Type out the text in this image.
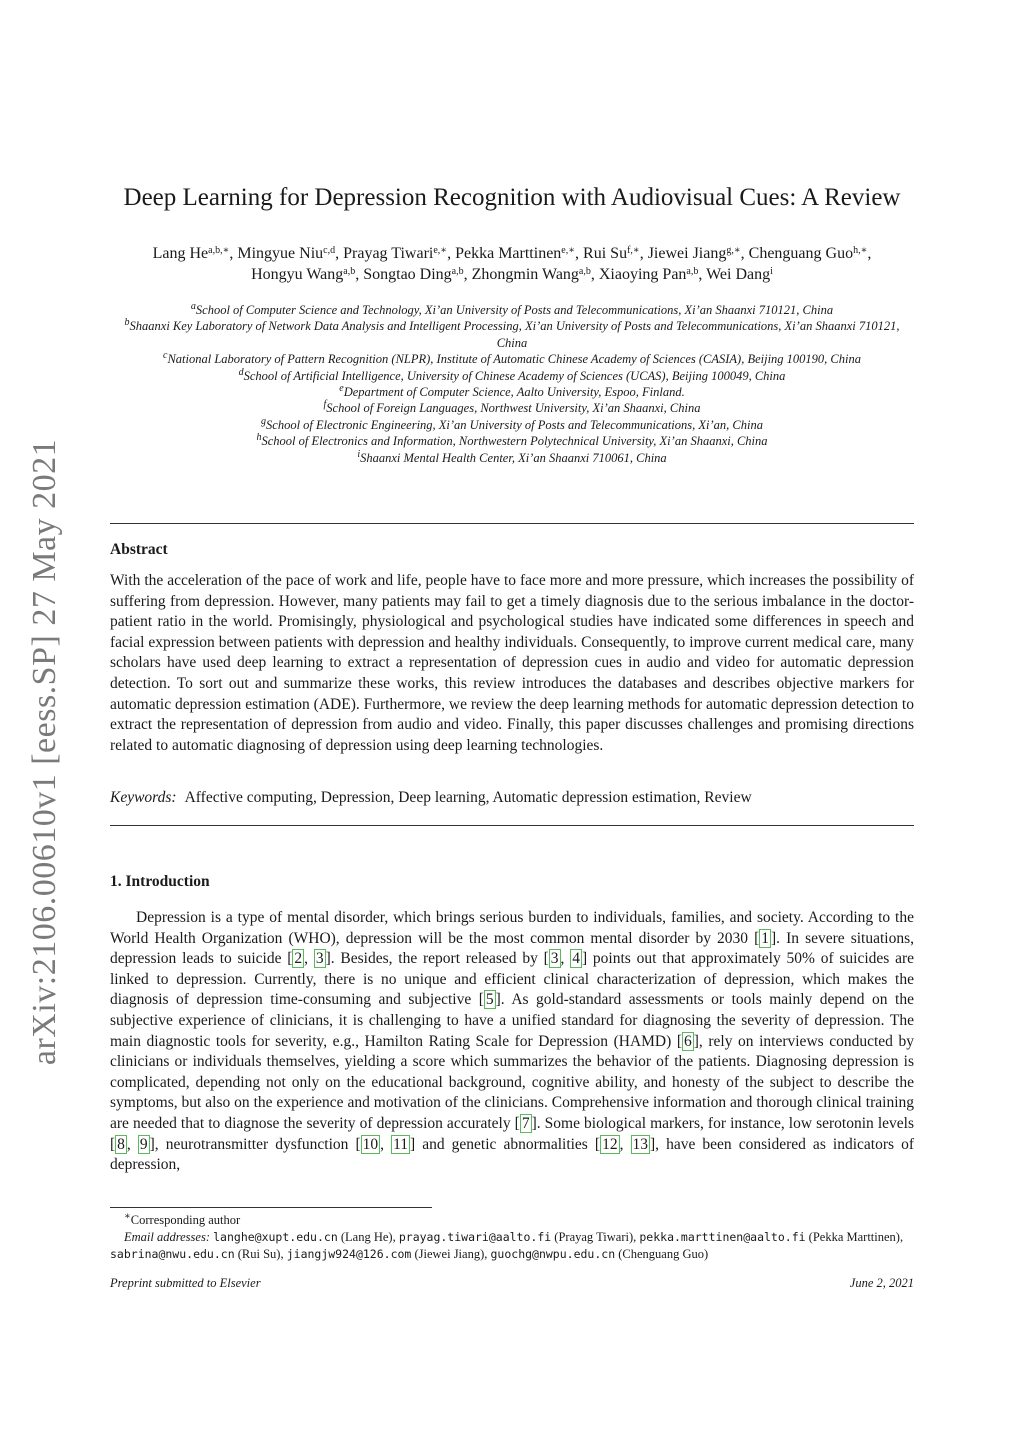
arXiv:2106.00610v1 [eess.SP] 27 May 2021
Deep Learning for Depression Recognition with Audiovisual Cues: A Review

Lang $He^{a,b,∗}$, Mingyue Niu$^{c,d}$, Prayag Tiwari$^{e,∗}$, Pekka Marttinen$^{e,∗}$, Rui $Su^{f,∗}$, Jiewei Jiang$^{g,∗}$, Chenguang Guo$^{h,∗}$,
Hongyu Wang$^{a,b}$, Songtao Ding$^{a,b}$, Zhongmin Wang$^{a,b}$, Xiaoying Pan$^{a,b}$, Wei Dang$^i$

$^a$School of Computer Science and Technology, Xi’an University of Posts and Telecommunications, Xi’an Shaanxi 710121, China
$^b$Shaanxi Key Laboratory of Network Data Analysis and Intelligent Processing, Xi’an University of Posts and Telecommunications, Xi’an Shaanxi 710121, China
$^c$National Laboratory of Pattern Recognition (NLPR), Institute of Automatic Chinese Academy of Sciences (CASIA), Beijing 100190, China
$^d$School of Artificial Intelligence, University of Chinese Academy of Sciences (UCAS), Beijing 100049, China
$^e$Department of Computer Science, Aalto University, Espoo, Finland.
$^f$School of Foreign Languages, Northwest University, Xi’an Shaanxi, China
$^g$School of Electronic Engineering, Xi’an University of Posts and Telecommunications, Xi’an, China
$^h$School of Electronics and Information, Northwestern Polytechnical University, Xi’an Shaanxi, China
$^i$Shaanxi Mental Health Center, Xi’an Shaanxi 710061, China
Abstract

With the acceleration of the pace of work and life, people have to face more and more pressure, which increases the possibility of suffering from depression. However, many patients may fail to get a timely diagnosis due to the serious imbalance in the doctor-patient ratio in the world. Promisingly, physiological and psychological studies have indicated some differences in speech and facial expression between patients with depression and healthy individuals. Consequently, to improve current medical care, many scholars have used deep learning to extract a representation of depression cues in audio and video for automatic depression detection. To sort out and summarize these works, this review introduces the databases and describes objective markers for automatic depression estimation (ADE). Furthermore, we review the deep learning methods for automatic depression detection to extract the representation of depression from audio and video. Finally, this paper discusses challenges and promising directions related to automatic diagnosing of depression using deep learning technologies.

Keywords: Affective computing, Depression, Deep learning, Automatic depression estimation, Review

1. Introduction

Depression is a type of mental disorder, which brings serious burden to individuals, families, and society. According to the World Health Organization (WHO), depression will be the most common mental disorder by 2030 [ 1 ]. In severe situations, depression leads to suicide [ 2 , 3 ]. Besides, the report released by [ 3 , 4 ] points out that approximately 50% of suicides are linked to depression. Currently, there is no unique and efficient clinical characterization of depression, which makes the diagnosis of depression time-consuming and subjective [ 5 ]. As gold-standard assessments or tools mainly depend on the subjective experience of clinicians, it is challenging to have a unified standard for diagnosing the severity of depression. The main diagnostic tools for severity, e.g., Hamilton Rating Scale for Depression (HAMD) [ 6 ], rely on interviews conducted by clinicians or individuals themselves, yielding a score which summarizes the behavior of the patients. Diagnosing depression is complicated, depending not only on the educational background, cognitive ability, and honesty of the subject to describe the symptoms, but also on the experience and motivation of the clinicians. Comprehensive information and thorough clinical training are needed that to diagnose the severity of depression accurately [ 7 ]. Some biological markers, for instance, low serotonin levels [ 8 , 9 ], neurotransmitter dysfunction [ 10 , 11 ] and genetic abnormalities [ 12 , 13 ], have been considered as indicators of depression,

∗Corresponding author
Email addresses: langhe@xupt.edu.cn (Lang He), prayag.tiwari@aalto.fi (Prayag Tiwari), pekka.marttinen@aalto.fi (Pekka Marttinen), sabrina@nwu.edu.cn (Rui Su), jiangjw924@126.com (Jiewei Jiang), guochg@nwpu.edu.cn (Chenguang Guo)
Preprint submitted to Elsevier	June 2, 2021
